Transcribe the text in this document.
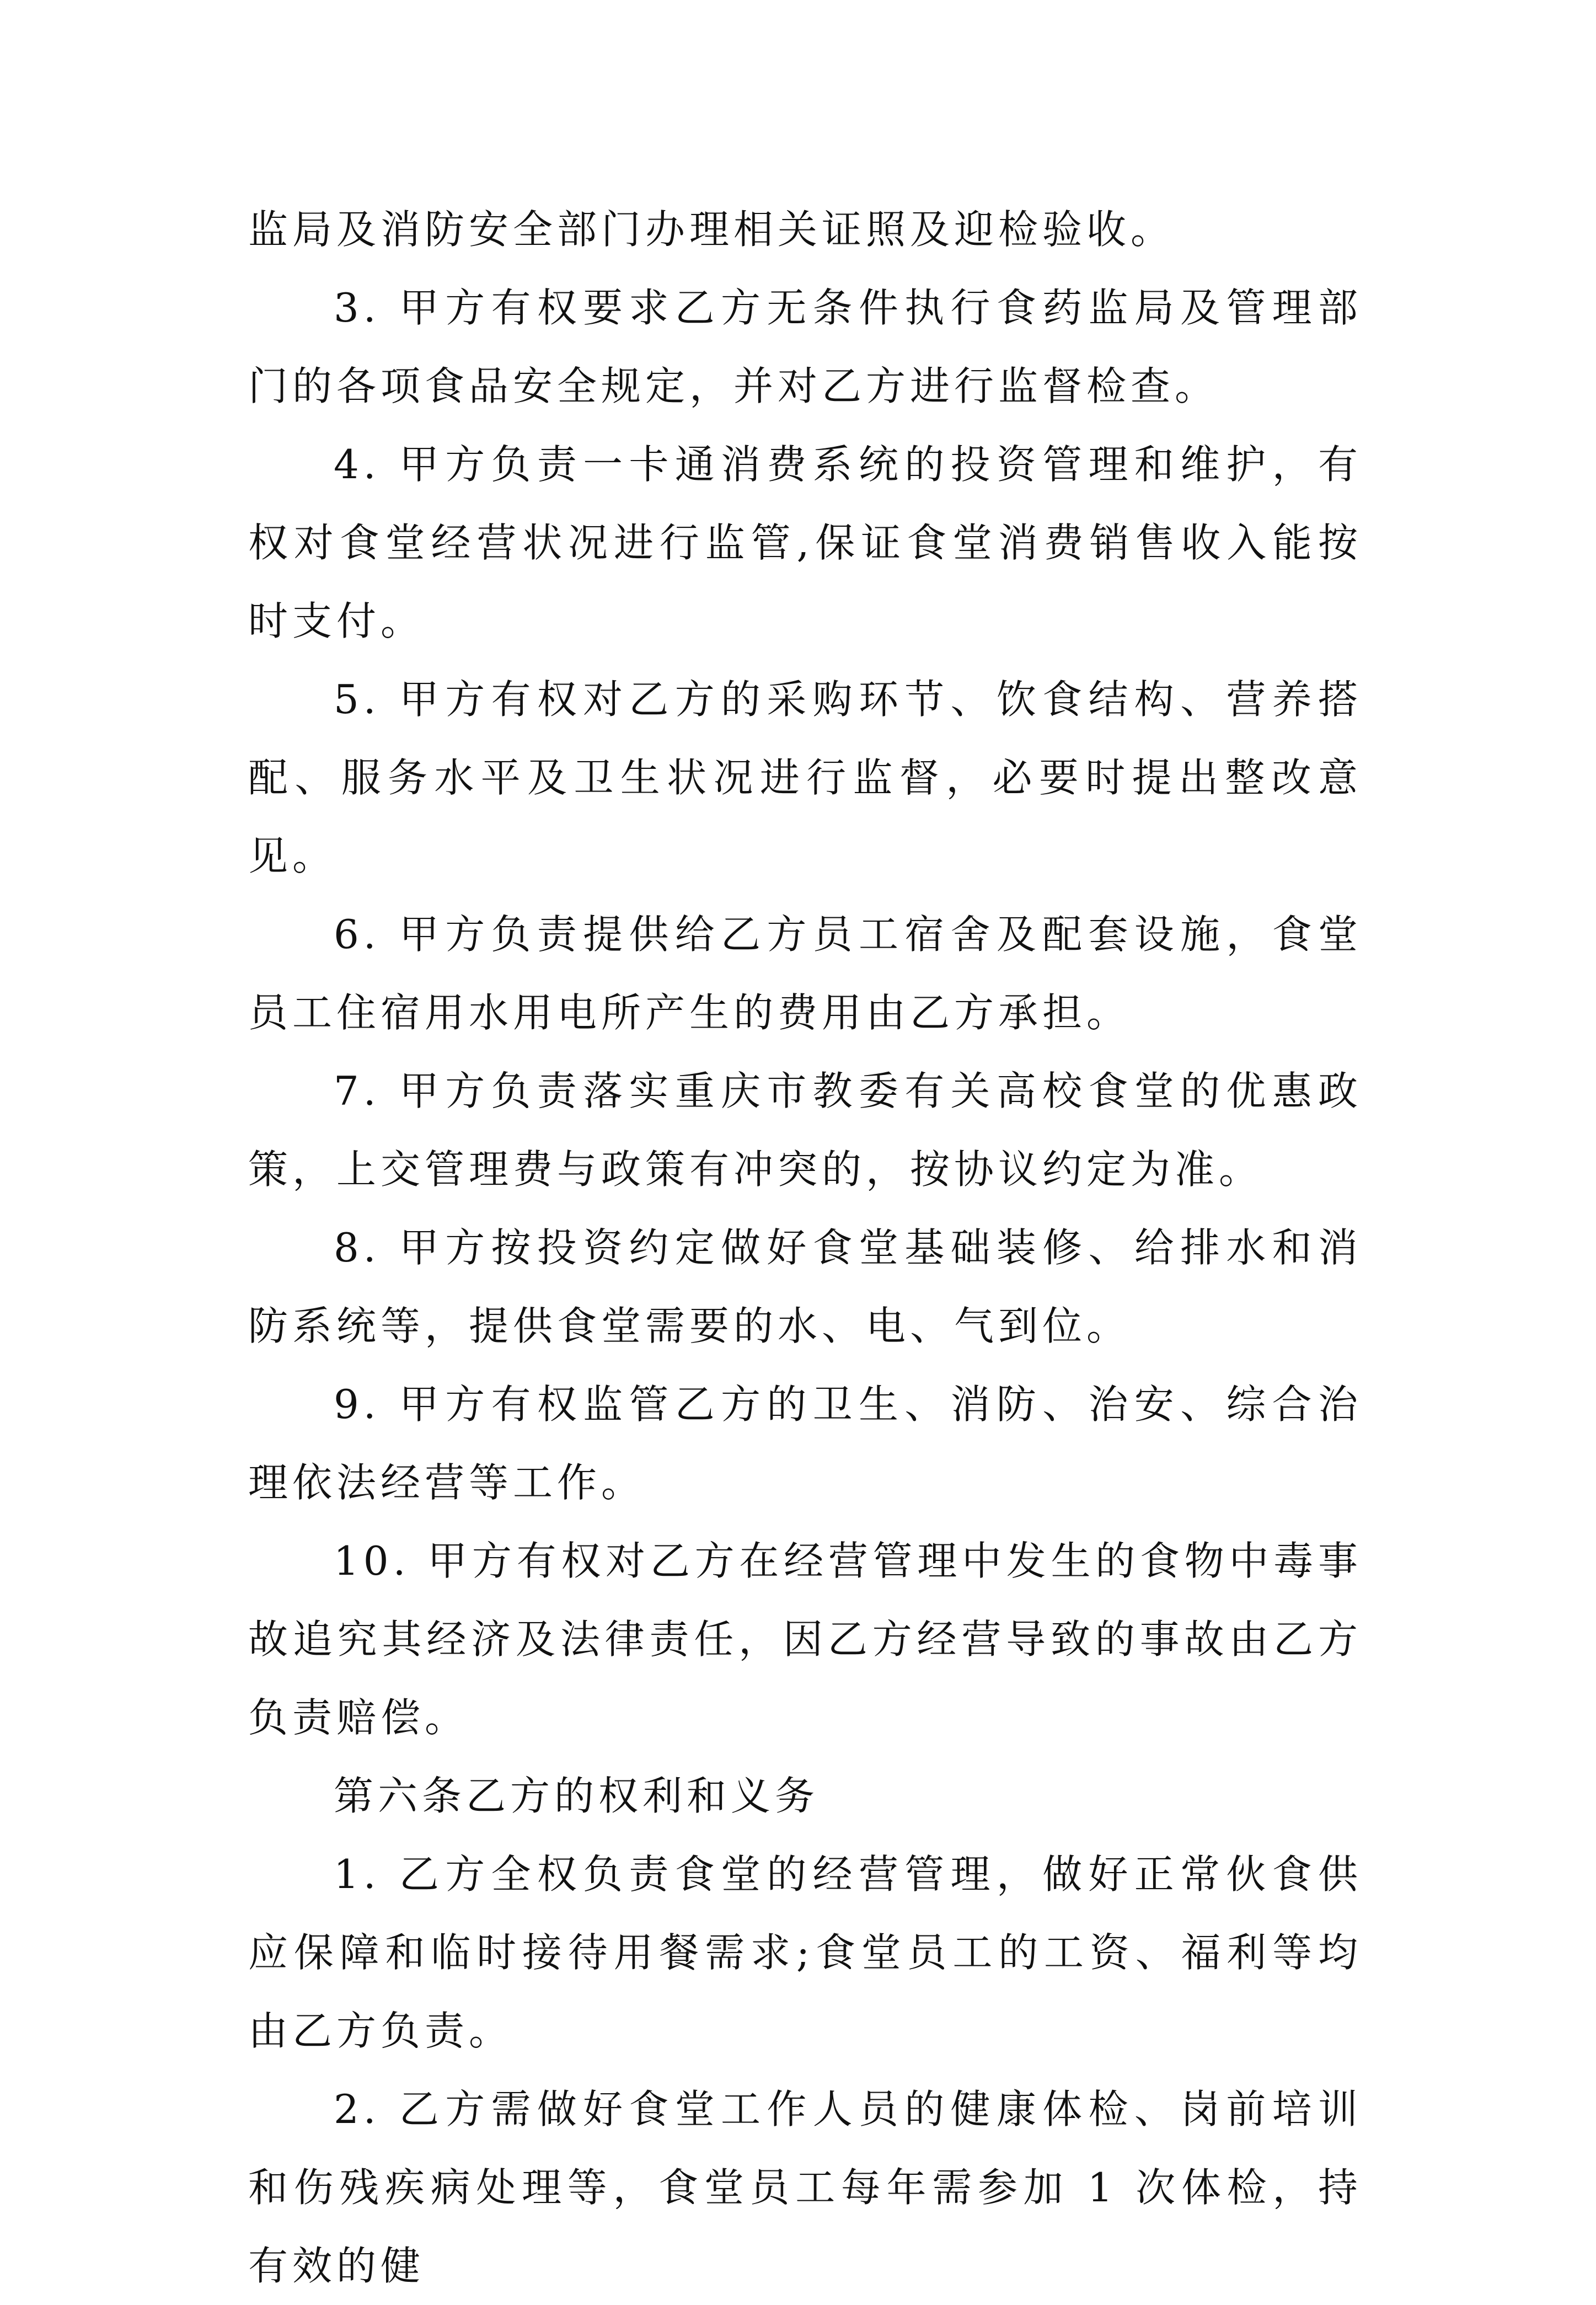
监局及消防安全部门办理相关证照及迎检验收。

3. 甲方有权要求乙方无条件执行食药监局及管理部门的各项食品安全规定，并对乙方进行监督检查。

4. 甲方负责一卡通消费系统的投资管理和维护，有权对食堂经营状况进行监管,保证食堂消费销售收入能按时支付。

5. 甲方有权对乙方的采购环节、饮食结构、营养搭配、服务水平及卫生状况进行监督，必要时提出整改意见。

6. 甲方负责提供给乙方员工宿舍及配套设施，食堂员工住宿用水用电所产生的费用由乙方承担。

7. 甲方负责落实重庆市教委有关高校食堂的优惠政策，上交管理费与政策有冲突的，按协议约定为准。

8. 甲方按投资约定做好食堂基础装修、给排水和消防系统等，提供食堂需要的水、电、气到位。

9. 甲方有权监管乙方的卫生、消防、治安、综合治理依法经营等工作。

10. 甲方有权对乙方在经营管理中发生的食物中毒事故追究其经济及法律责任，因乙方经营导致的事故由乙方负责赔偿。

第六条乙方的权利和义务

1. 乙方全权负责食堂的经营管理，做好正常伙食供应保障和临时接待用餐需求;食堂员工的工资、福利等均由乙方负责。

2. 乙方需做好食堂工作人员的健康体检、岗前培训和伤残疾病处理等，食堂员工每年需参加 1 次体检，持有效的健
